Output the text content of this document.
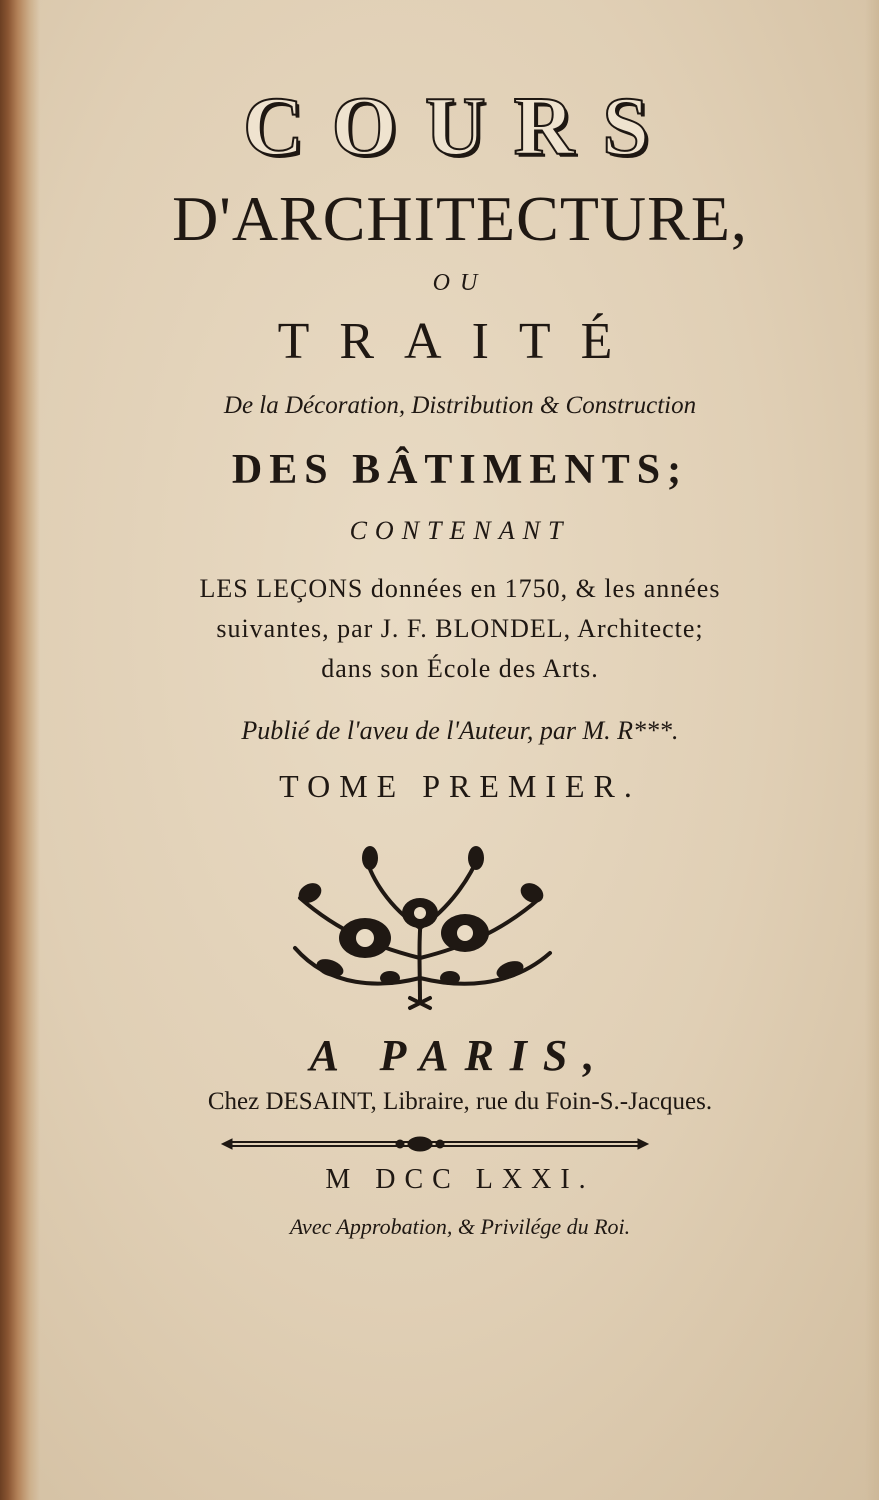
COURS
D'ARCHITECTURE,
OU
TRAITÉ
De la Décoration, Distribution & Construction
DES BÂTIMENTS;
CONTENANT
LES LEÇONS données en 1750, & les années
suivantes, par J. F. BLONDEL, Architecte;
dans son École des Arts.
Publié de l'aveu de l'Auteur, par M. R***.
TOME PREMIER.
A PARIS,
Chez DESAINT, Libraire, rue du Foin-S.-Jacques.
M DCC LXXI.
Avec Approbation, & Privilége du Roi.
